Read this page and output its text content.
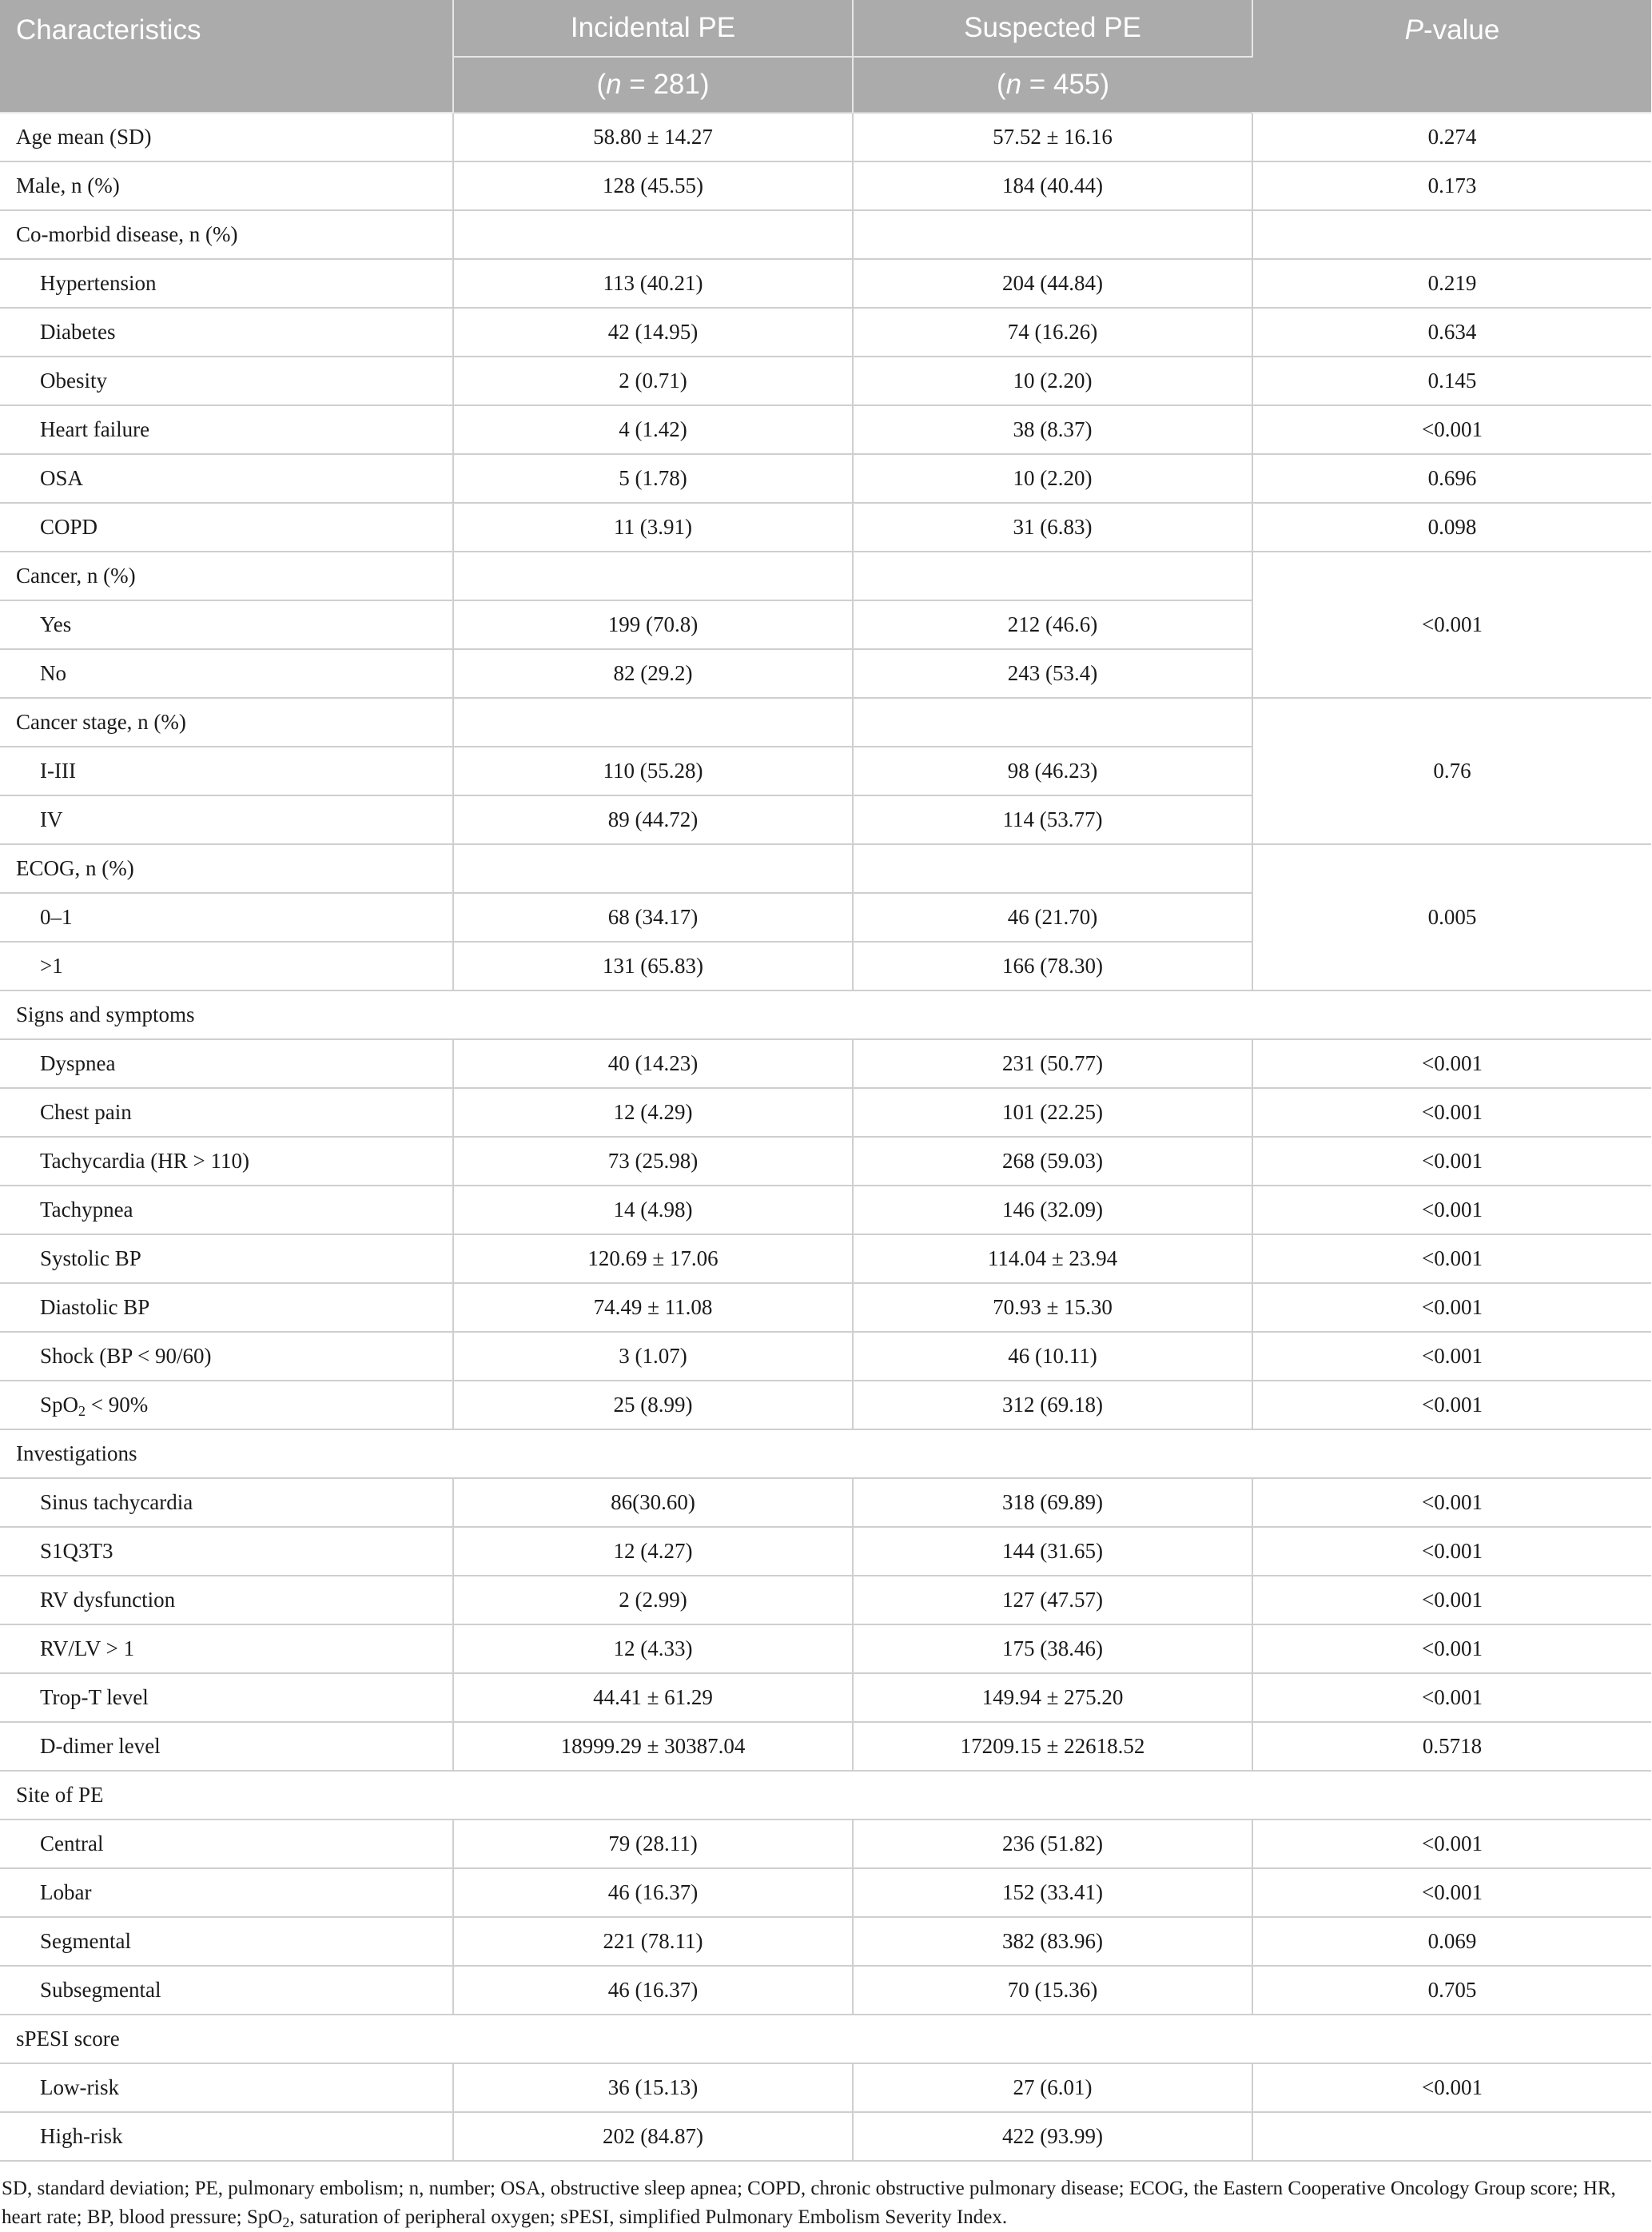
Characteristics	Incidental PE	Suspected PE	P-value
	(n = 281)	(n = 455)	
Age mean (SD)	58.80 ± 14.27	57.52 ± 16.16	0.274
Male, n (%)	128 (45.55)	184 (40.44)	0.173
Co-morbid disease, n (%)			
Hypertension	113 (40.21)	204 (44.84)	0.219
Diabetes	42 (14.95)	74 (16.26)	0.634
Obesity	2 (0.71)	10 (2.20)	0.145
Heart failure	4 (1.42)	38 (8.37)	<0.001
OSA	5 (1.78)	10 (2.20)	0.696
COPD	11 (3.91)	31 (6.83)	0.098
Cancer, n (%)			<0.001
Yes	199 (70.8)	212 (46.6)	
No	82 (29.2)	243 (53.4)	
Cancer stage, n (%)			0.76
I-III	110 (55.28)	98 (46.23)	
IV	89 (44.72)	114 (53.77)	
ECOG, n (%)			0.005
0–1	68 (34.17)	46 (21.70)	
>1	131 (65.83)	166 (78.30)	
Signs and symptoms			
Dyspnea	40 (14.23)	231 (50.77)	<0.001
Chest pain	12 (4.29)	101 (22.25)	<0.001
Tachycardia (HR > 110)	73 (25.98)	268 (59.03)	<0.001
Tachypnea	14 (4.98)	146 (32.09)	<0.001
Systolic BP	120.69 ± 17.06	114.04 ± 23.94	<0.001
Diastolic BP	74.49 ± 11.08	70.93 ± 15.30	<0.001
Shock (BP < 90/60)	3 (1.07)	46 (10.11)	<0.001
SpO$_2$ < 90%	25 (8.99)	312 (69.18)	<0.001
Investigations			
Sinus tachycardia	86(30.60)	318 (69.89)	<0.001
S1Q3T3	12 (4.27)	144 (31.65)	<0.001
RV dysfunction	2 (2.99)	127 (47.57)	<0.001
RV/LV > 1	12 (4.33)	175 (38.46)	<0.001
Trop-T level	44.41 ± 61.29	149.94 ± 275.20	<0.001
D-dimer level	18999.29 ± 30387.04	17209.15 ± 22618.52	0.5718
Site of PE			
Central	79 (28.11)	236 (51.82)	<0.001
Lobar	46 (16.37)	152 (33.41)	<0.001
Segmental	221 (78.11)	382 (83.96)	0.069
Subsegmental	46 (16.37)	70 (15.36)	0.705
sPESI score			
Low-risk	36 (15.13)	27 (6.01)	<0.001
High-risk	202 (84.87)	422 (93.99)	
SD, standard deviation; PE, pulmonary embolism; n, number; OSA, obstructive sleep apnea; COPD, chronic obstructive pulmonary disease; ECOG, the Eastern Cooperative Oncology Group score; HR, heart rate; BP, blood pressure; SpO$_2$, saturation of peripheral oxygen; sPESI, simplified Pulmonary Embolism Severity Index.
